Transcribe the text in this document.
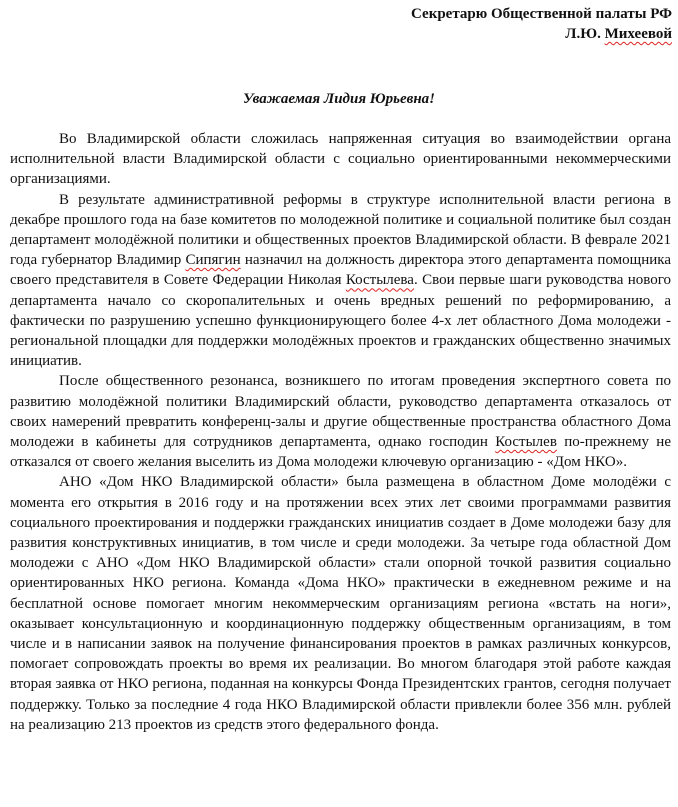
Секретарю Общественной палаты РФ
Л.Ю. Михеевой
Уважаемая Лидия Юрьевна!

Во Владимирской области сложилась напряженная ситуация во взаимодействии органа исполнительной власти Владимирской области с социально ориентированными некоммерческими организациями.

В результате административной реформы в структуре исполнительной власти региона в декабре прошлого года на базе комитетов по молодежной политике и социальной политике был создан департамент молодёжной политики и общественных проектов Владимирской области. В феврале 2021 года губернатор Владимир Сипягин назначил на должность директора этого департамента помощника своего представителя в Совете Федерации Николая Костылева. Свои первые шаги руководства нового департамента начало со скоропалительных и очень вредных решений по реформированию, а фактически по разрушению успешно функционирующего более 4-х лет областного Дома молодежи - региональной площадки для поддержки молодёжных проектов и гражданских общественно значимых инициатив.

После общественного резонанса, возникшего по итогам проведения экспертного совета по развитию молодёжной политики Владимирский области, руководство департамента отказалось от своих намерений превратить конференц-залы и другие общественные пространства областного Дома молодежи в кабинеты для сотрудников департамента, однако господин Костылев по-прежнему не отказался от своего желания выселить из Дома молодежи ключевую организацию - «Дом НКО».

АНО «Дом НКО Владимирской области» была размещена в областном Доме молодёжи с момента его открытия в 2016 году и на протяжении всех этих лет своими программами развития социального проектирования и поддержки гражданских инициатив создает в Доме молодежи базу для развития конструктивных инициатив, в том числе и среди молодежи. За четыре года областной Дом молодежи с АНО «Дом НКО Владимирской области» стали опорной точкой развития социально ориентированных НКО региона. Команда «Дома НКО» практически в ежедневном режиме и на бесплатной основе помогает многим некоммерческим организациям региона «встать на ноги», оказывает консультационную и координационную поддержку общественным организациям, в том числе и в написании заявок на получение финансирования проектов в рамках различных конкурсов, помогает сопровождать проекты во время их реализации. Во многом благодаря этой работе каждая вторая заявка от НКО региона, поданная на конкурсы Фонда Президентских грантов, сегодня получает поддержку. Только за последние 4 года НКО Владимирской области привлекли более 356 млн. рублей на реализацию 213 проектов из средств этого федерального фонда.
